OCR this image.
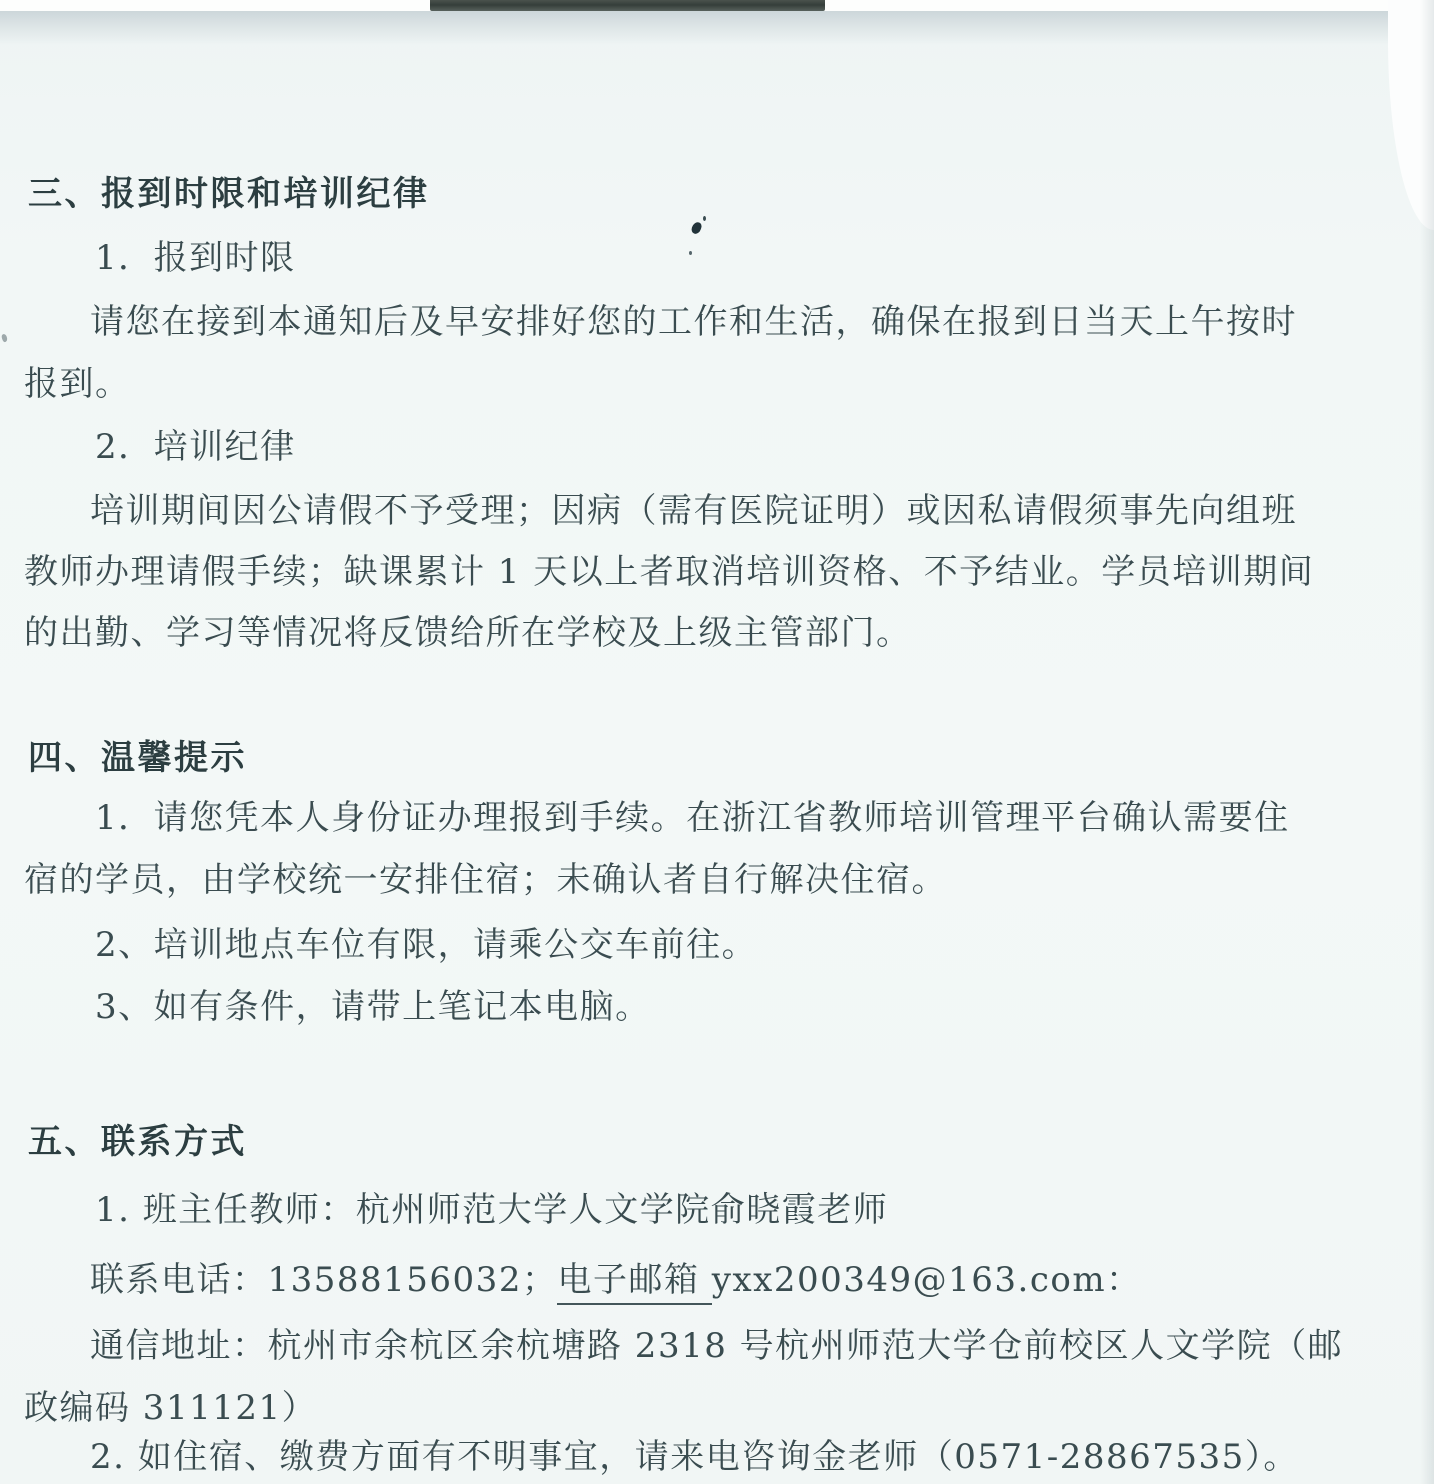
三、报到时限和培训纪律
1．报到时限
请您在接到本通知后及早安排好您的工作和生活，确保在报到日当天上午按时
报到。
2．培训纪律
培训期间因公请假不予受理；因病（需有医院证明）或因私请假须事先向组班
教师办理请假手续；缺课累计 1 天以上者取消培训资格、不予结业。学员培训期间
的出勤、学习等情况将反馈给所在学校及上级主管部门。
四、温馨提示
1．请您凭本人身份证办理报到手续。在浙江省教师培训管理平台确认需要住
宿的学员，由学校统一安排住宿；未确认者自行解决住宿。
2、培训地点车位有限，请乘公交车前往。
3、如有条件，请带上笔记本电脑。
五、联系方式
1. 班主任教师：杭州师范大学人文学院俞晓霞老师
联系电话：13588156032；电子邮箱 yxx200349@163.com：
通信地址：杭州市余杭区余杭塘路 2318 号杭州师范大学仓前校区人文学院（邮
政编码 311121）
2. 如住宿、缴费方面有不明事宜，请来电咨询金老师（0571-28867535）。
